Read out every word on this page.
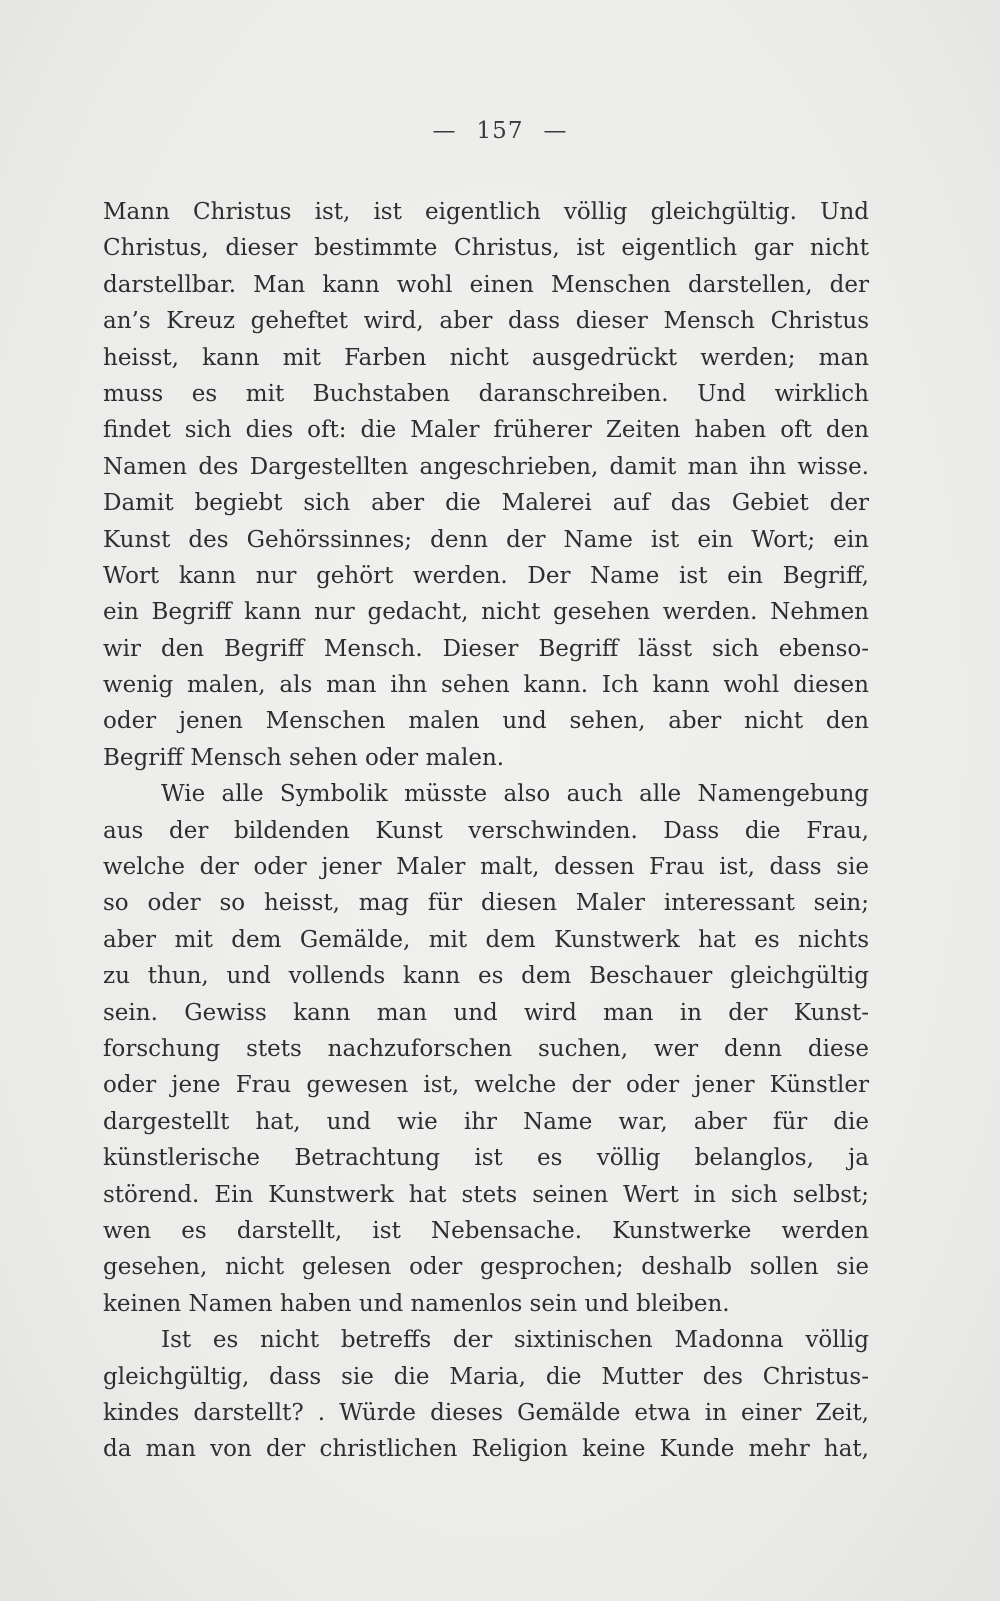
— 157 —
Mann Christus ist, ist eigentlich völlig gleichgültig. Und
Christus, dieser bestimmte Christus, ist eigentlich gar nicht
darstellbar. Man kann wohl einen Menschen darstellen, der
an’s Kreuz geheftet wird, aber dass dieser Mensch Christus
heisst, kann mit Farben nicht ausgedrückt werden; man
muss es mit Buchstaben daranschreiben. Und wirklich
findet sich dies oft: die Maler früherer Zeiten haben oft den
Namen des Dargestellten angeschrieben, damit man ihn wisse.
Damit begiebt sich aber die Malerei auf das Gebiet der
Kunst des Gehörssinnes; denn der Name ist ein Wort; ein
Wort kann nur gehört werden. Der Name ist ein Begriff,
ein Begriff kann nur gedacht, nicht gesehen werden. Nehmen
wir den Begriff Mensch. Dieser Begriff lässt sich ebenso-
wenig malen, als man ihn sehen kann. Ich kann wohl diesen
oder jenen Menschen malen und sehen, aber nicht den
Begriff Mensch sehen oder malen.
Wie alle Symbolik müsste also auch alle Namengebung
aus der bildenden Kunst verschwinden. Dass die Frau,
welche der oder jener Maler malt, dessen Frau ist, dass sie
so oder so heisst, mag für diesen Maler interessant sein;
aber mit dem Gemälde, mit dem Kunstwerk hat es nichts
zu thun, und vollends kann es dem Beschauer gleichgültig
sein. Gewiss kann man und wird man in der Kunst-
forschung stets nachzuforschen suchen, wer denn diese
oder jene Frau gewesen ist, welche der oder jener Künstler
dargestellt hat, und wie ihr Name war, aber für die
künstlerische Betrachtung ist es völlig belanglos, ja
störend. Ein Kunstwerk hat stets seinen Wert in sich selbst;
wen es darstellt, ist Nebensache. Kunstwerke werden
gesehen, nicht gelesen oder gesprochen; deshalb sollen sie
keinen Namen haben und namenlos sein und bleiben.
Ist es nicht betreffs der sixtinischen Madonna völlig
gleichgültig, dass sie die Maria, die Mutter des Christus-
kindes darstellt? . Würde dieses Gemälde etwa in einer Zeit,
da man von der christlichen Religion keine Kunde mehr hat,
